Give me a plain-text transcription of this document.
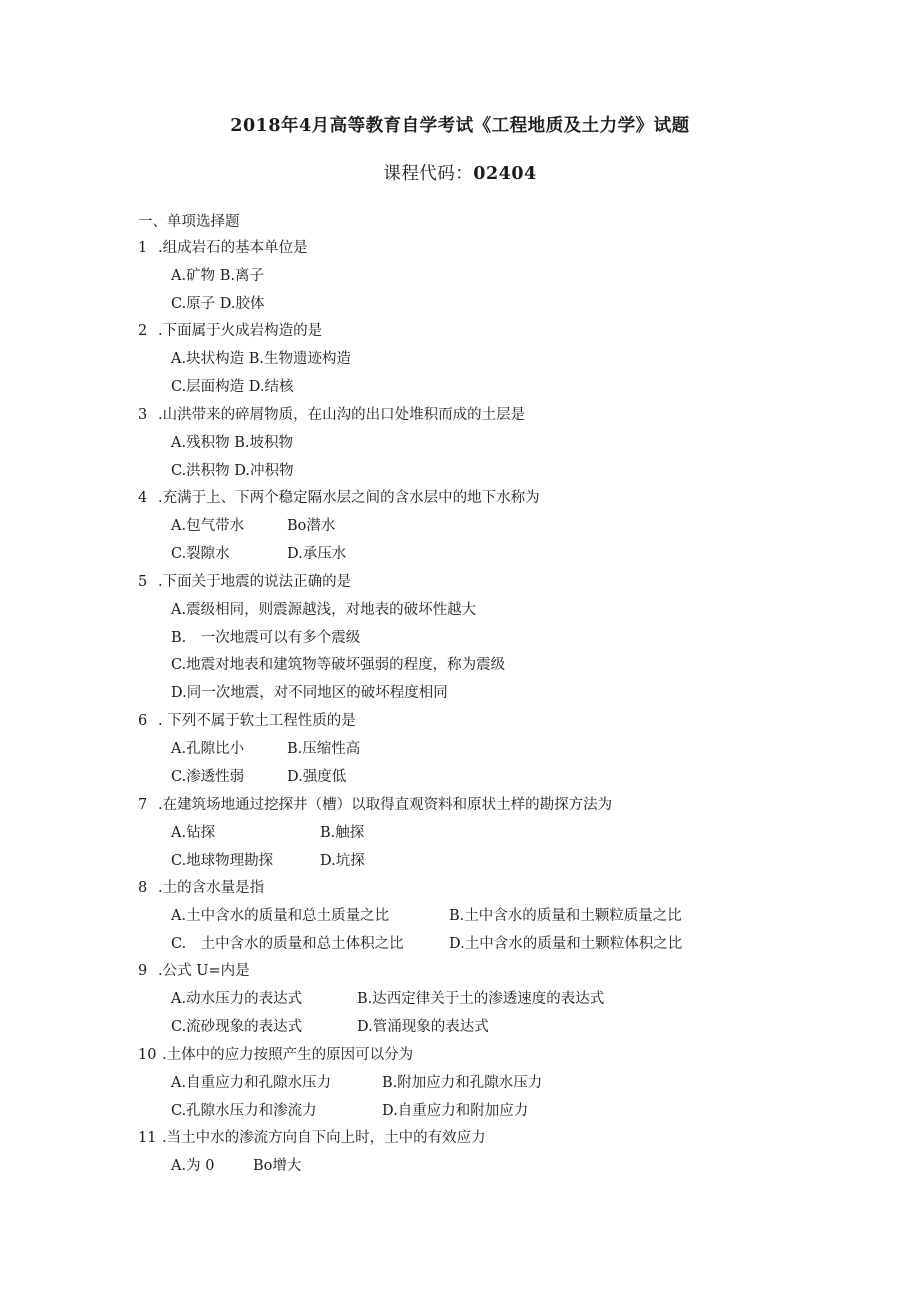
2018年4月高等教育自学考试《工程地质及土力学》试题
课程代码：02404
一、单项选择题
1 .组成岩石的基本单位是
A.矿物 B.离子
C.原子 D.胶体
2 .下面属于火成岩构造的是
A.块状构造 B.生物遗迹构造
C.层面构造 D.结核
3 .山洪带来的碎屑物质，在山沟的出口处堆积而成的土层是
A.残积物 B.坡积物
C.洪积物 D.冲积物
4 .充满于上、下两个稳定隔水层之间的含水层中的地下水称为
A.包气带水	Bo潜水
C.裂隙水	D.承压水
5 .下面关于地震的说法正确的是
A.震级相同，则震源越浅，对地表的破坏性越大
B.　一次地震可以有多个震级
C.地震对地表和建筑物等破坏强弱的程度，称为震级
D.同一次地震，对不同地区的破坏程度相同
6 . 下列不属于软土工程性质的是
A.孔隙比小	B.压缩性高
C.渗透性弱	D.强度低
7 .在建筑场地通过挖探井（槽）以取得直观资料和原状土样的勘探方法为
A.钻探	B.触探
C.地球物理勘探	D.坑探
8 .土的含水量是指
A.土中含水的质量和总土质量之比	B.土中含水的质量和土颗粒质量之比
C.　土中含水的质量和总土体积之比	D.土中含水的质量和土颗粒体积之比
9 .公式 U=内是
A.动水压力的表达式	B.达西定律关于土的渗透速度的表达式
C.流砂现象的表达式	D.管涌现象的表达式
10 .土体中的应力按照产生的原因可以分为
A.自重应力和孔隙水压力	B.附加应力和孔隙水压力
C.孔隙水压力和渗流力	D.自重应力和附加应力
11 .当土中水的渗流方向自下向上时，土中的有效应力
A.为 0	Bo增大
